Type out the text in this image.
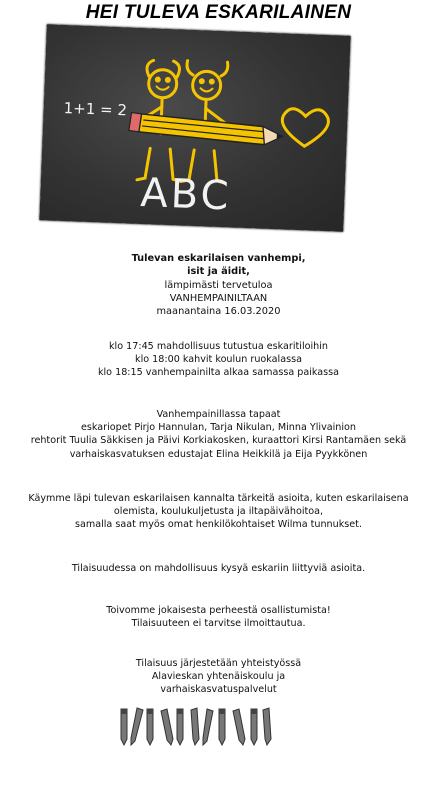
HEI TULEVA ESKARILAINEN
1+1 = 2
ABC
Tulevan eskarilaisen vanhempi,
isit ja äidit,
lämpimästi tervetuloa
VANHEMPAINILTAAN
maanantaina 16.03.2020
klo 17:45 mahdollisuus tutustua eskaritiloihin
klo 18:00 kahvit koulun ruokalassa
klo 18:15 vanhempainilta alkaa samassa paikassa
Vanhempainillassa tapaat
eskariopet Pirjo Hannulan, Tarja Nikulan, Minna Ylivainion
rehtorit Tuulia Säkkisen ja Päivi Korkiakosken, kuraattori Kirsi Rantamäen sekä
varhaiskasvatuksen edustajat Elina Heikkilä ja Eija Pyykkönen
Käymme läpi tulevan eskarilaisen kannalta tärkeitä asioita, kuten eskarilaisena
olemista, koulukuljetusta ja iltapäivähoitoa,
samalla saat myös omat henkilökohtaiset Wilma tunnukset.
Tilaisuudessa on mahdollisuus kysyä eskariin liittyviä asioita.
Toivomme jokaisesta perheestä osallistumista!
Tilaisuuteen ei tarvitse ilmoittautua.
Tilaisuus järjestetään yhteistyössä
Alavieskan yhtenäiskoulu ja
varhaiskasvatuspalvelut
